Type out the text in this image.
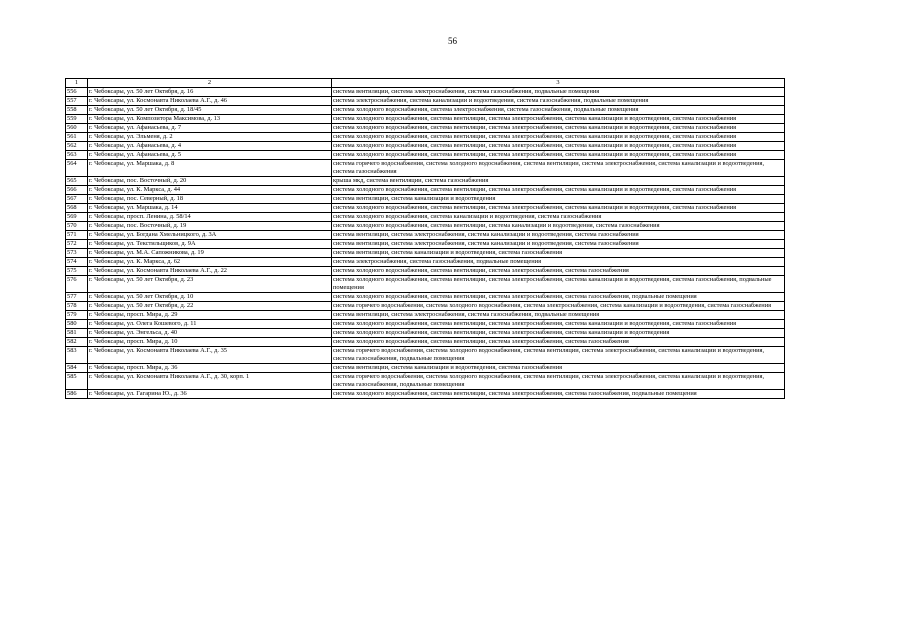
56
1	2	3
556	г. Чебоксары, ул. 50 лет Октября, д. 16	система вентиляции, система электроснабжения, система газоснабжения, подвальные помещения
557	г. Чебоксары, ул. Космонавта Николаева А.Г., д. 46	система электроснабжения, система канализации и водоотведения, система газоснабжения, подвальные помещения
558	г. Чебоксары, ул. 50 лет Октября, д. 18/45	система холодного водоснабжения, система электроснабжения, система газоснабжения, подвальные помещения
559	г. Чебоксары, ул. Композитора Максимова, д. 13	система холодного водоснабжения, система вентиляции, система электроснабжения, система канализации и водоотведения, система газоснабжения
560	г. Чебоксары, ул. Афанасьева, д. 7	система холодного водоснабжения, система вентиляции, система электроснабжения, система канализации и водоотведения, система газоснабжения
561	г. Чебоксары, ул. Эльменя, д. 2	система холодного водоснабжения, система вентиляции, система электроснабжения, система канализации и водоотведения, система газоснабжения
562	г. Чебоксары, ул. Афанасьева, д. 4	система холодного водоснабжения, система вентиляции, система электроснабжения, система канализации и водоотведения, система газоснабжения
563	г. Чебоксары, ул. Афанасьева, д. 5	система холодного водоснабжения, система вентиляции, система электроснабжения, система канализации и водоотведения, система газоснабжения
564	г. Чебоксары, ул. Маршака, д. 8	система горячего водоснабжения, система холодного водоснабжения, система вентиляции, система электроснабжения, система канализации и водоотведения, система газоснабжения
565	г. Чебоксары, пос. Восточный, д. 20	крыша мкд, система вентиляции, система газоснабжения
566	г. Чебоксары, ул. К. Маркса, д. 44	система холодного водоснабжения, система вентиляции, система электроснабжения, система канализации и водоотведения, система газоснабжения
567	г. Чебоксары, пос. Северный, д. 18	система вентиляции, система канализации и водоотведения
568	г. Чебоксары, ул. Маршака, д. 14	система холодного водоснабжения, система вентиляции, система электроснабжения, система канализации и водоотведения, система газоснабжения
569	г. Чебоксары, просп. Ленина, д. 58/14	система холодного водоснабжения, система канализации и водоотведения, система газоснабжения
570	г. Чебоксары, пос. Восточный, д. 19	система холодного водоснабжения, система вентиляции, система канализации и водоотведения, система газоснабжения
571	г. Чебоксары, ул. Богдана Хмельницкого, д. 3А	система вентиляции, система электроснабжения, система канализации и водоотведения, система газоснабжения
572	г. Чебоксары, ул. Текстильщиков, д. 9А	система вентиляции, система электроснабжения, система канализации и водоотведения, система газоснабжения
573	г. Чебоксары, ул. М.А. Сапожникова, д. 19	система вентиляции, система канализации и водоотведения, система газоснабжения
574	г. Чебоксары, ул. К. Маркса, д. 62	система электроснабжения, система газоснабжения, подвальные помещения
575	г. Чебоксары, ул. Космонавта Николаева А.Г., д. 22	система холодного водоснабжения, система вентиляции, система электроснабжения, система газоснабжения
576	г. Чебоксары, ул. 50 лет Октября, д. 23	система холодного водоснабжения, система вентиляции, система электроснабжения, система канализации и водоотведения, система газоснабжения, подвальные помещения
577	г. Чебоксары, ул. 50 лет Октября, д. 10	система холодного водоснабжения, система вентиляции, система электроснабжения, система газоснабжения, подвальные помещения
578	г. Чебоксары, ул. 50 лет Октября, д. 22	система горячего водоснабжения, система холодного водоснабжения, система электроснабжения, система канализации и водоотведения, система газоснабжения
579	г. Чебоксары, просп. Мира, д. 29	система вентиляции, система электроснабжения, система газоснабжения, подвальные помещения
580	г. Чебоксары, ул. Олега Кошевого, д. 11	система холодного водоснабжения, система вентиляции, система электроснабжения, система канализации и водоотведения, система газоснабжения
581	г. Чебоксары, ул. Энгельса, д. 40	система холодного водоснабжения, система вентиляции, система электроснабжения, система канализации и водоотведения
582	г. Чебоксары, просп. Мира, д. 10	система холодного водоснабжения, система вентиляции, система электроснабжения, система газоснабжения
583	г. Чебоксары, ул. Космонавта Николаева А.Г., д. 35	система горячего водоснабжения, система холодного водоснабжения, система вентиляции, система электроснабжения, система канализации и водоотведения, система газоснабжения, подвальные помещения
584	г. Чебоксары, просп. Мира, д. 36	система вентиляции, система канализации и водоотведения, система газоснабжения
585	г. Чебоксары, ул. Космонавта Николаева А.Г., д. 30, корп. 1	система горячего водоснабжения, система холодного водоснабжения, система вентиляции, система электроснабжения, система канализации и водоотведения, система газоснабжения, подвальные помещения
586	г. Чебоксары, ул. Гагарина Ю., д. 36	система холодного водоснабжения, система вентиляции, система электроснабжения, система газоснабжения, подвальные помещения
